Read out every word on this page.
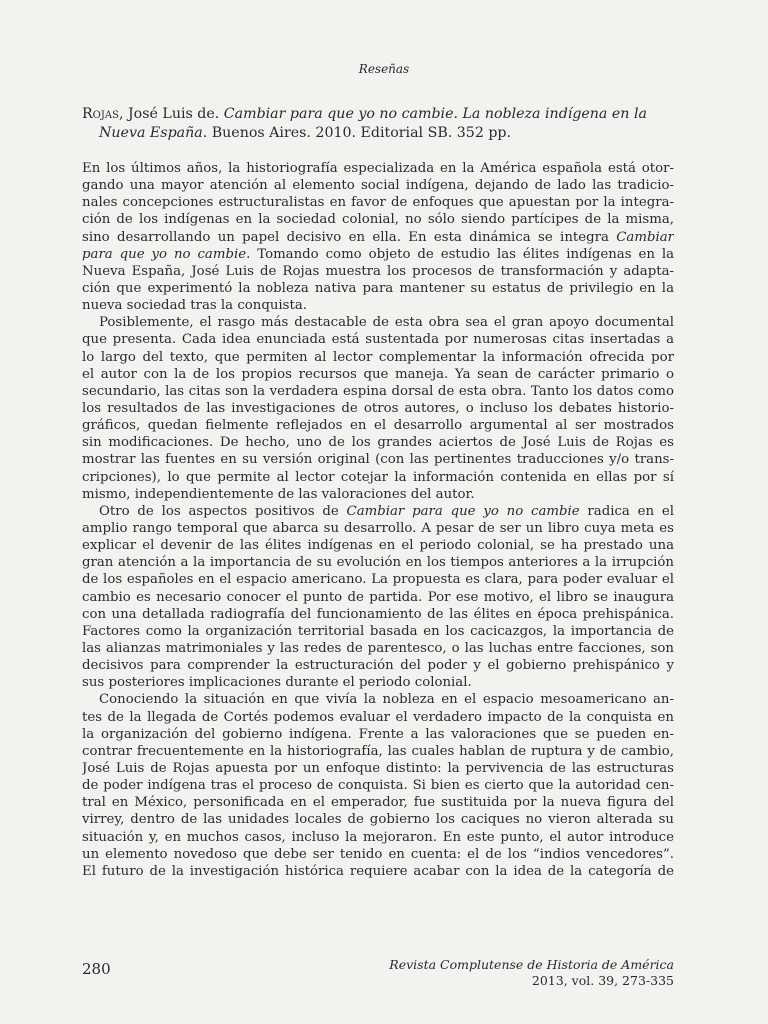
Reseñas
Rojas, José Luis de. Cambiar para que yo no cambie. La nobleza indígena en la
Nueva España. Buenos Aires. 2010. Editorial SB. 352 pp.
En los últimos años, la historiografía especializada en la América española está otor-
gando una mayor atención al elemento social indígena, dejando de lado las tradicio-
nales concepciones estructuralistas en favor de enfoques que apuestan por la integra-
ción de los indígenas en la sociedad colonial, no sólo siendo partícipes de la misma,
sino desarrollando un papel decisivo en ella. En esta dinámica se integra Cambiar
para que yo no cambie. Tomando como objeto de estudio las élites indígenas en la
Nueva España, José Luis de Rojas muestra los procesos de transformación y adapta-
ción que experimentó la nobleza nativa para mantener su estatus de privilegio en la
nueva sociedad tras la conquista.
Posiblemente, el rasgo más destacable de esta obra sea el gran apoyo documental
que presenta. Cada idea enunciada está sustentada por numerosas citas insertadas a
lo largo del texto, que permiten al lector complementar la información ofrecida por
el autor con la de los propios recursos que maneja. Ya sean de carácter primario o
secundario, las citas son la verdadera espina dorsal de esta obra. Tanto los datos como
los resultados de las investigaciones de otros autores, o incluso los debates historio-
gráficos, quedan fielmente reflejados en el desarrollo argumental al ser mostrados
sin modificaciones. De hecho, uno de los grandes aciertos de José Luis de Rojas es
mostrar las fuentes en su versión original (con las pertinentes traducciones y/o trans-
cripciones), lo que permite al lector cotejar la información contenida en ellas por sí
mismo, independientemente de las valoraciones del autor.
Otro de los aspectos positivos de Cambiar para que yo no cambie radica en el
amplio rango temporal que abarca su desarrollo. A pesar de ser un libro cuya meta es
explicar el devenir de las élites indígenas en el periodo colonial, se ha prestado una
gran atención a la importancia de su evolución en los tiempos anteriores a la irrupción
de los españoles en el espacio americano. La propuesta es clara, para poder evaluar el
cambio es necesario conocer el punto de partida. Por ese motivo, el libro se inaugura
con una detallada radiografía del funcionamiento de las élites en época prehispánica.
Factores como la organización territorial basada en los cacicazgos, la importancia de
las alianzas matrimoniales y las redes de parentesco, o las luchas entre facciones, son
decisivos para comprender la estructuración del poder y el gobierno prehispánico y
sus posteriores implicaciones durante el periodo colonial.
Conociendo la situación en que vivía la nobleza en el espacio mesoamericano an-
tes de la llegada de Cortés podemos evaluar el verdadero impacto de la conquista en
la organización del gobierno indígena. Frente a las valoraciones que se pueden en-
contrar frecuentemente en la historiografía, las cuales hablan de ruptura y de cambio,
José Luis de Rojas apuesta por un enfoque distinto: la pervivencia de las estructuras
de poder indígena tras el proceso de conquista. Si bien es cierto que la autoridad cen-
tral en México, personificada en el emperador, fue sustituida por la nueva figura del
virrey, dentro de las unidades locales de gobierno los caciques no vieron alterada su
situación y, en muchos casos, incluso la mejoraron. En este punto, el autor introduce
un elemento novedoso que debe ser tenido en cuenta: el de los “indios vencedores”.
El futuro de la investigación histórica requiere acabar con la idea de la categoría de
280	Revista Complutense de Historia de América
2013, vol. 39, 273-335
